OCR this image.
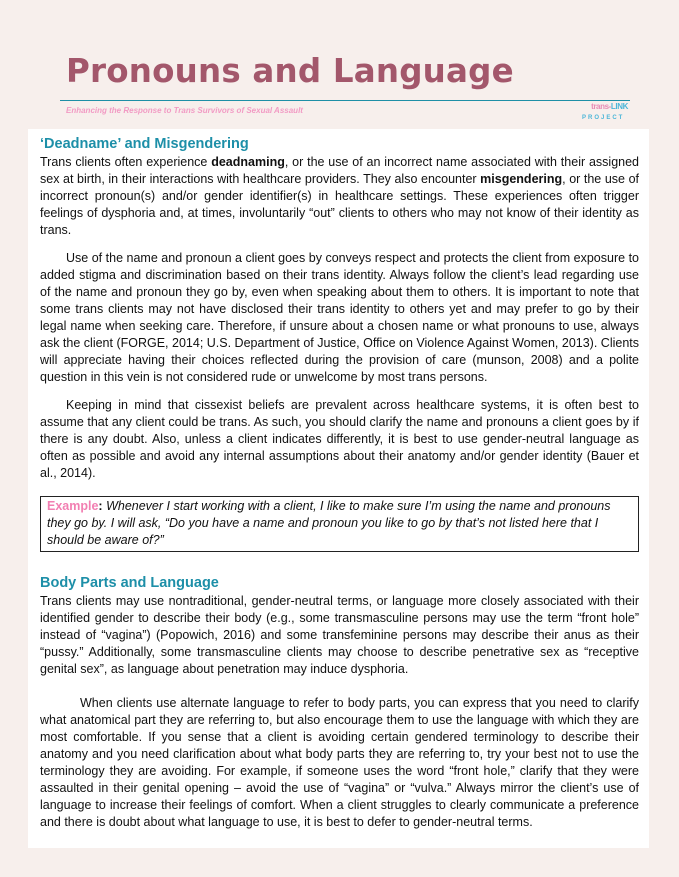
Pronouns and Language
Enhancing the Response to Trans Survivors of Sexual Assault	trans-LINK
PROJECT
‘Deadname’ and Misgendering

Trans clients often experience deadnaming, or the use of an incorrect name associated with their assigned sex at birth, in their interactions with healthcare providers. They also encounter misgendering, or the use of incorrect pronoun(s) and/or gender identifier(s) in healthcare settings. These experiences often trigger feelings of dysphoria and, at times, involuntarily “out” clients to others who may not know of their identity as trans.

Use of the name and pronoun a client goes by conveys respect and protects the client from exposure to added stigma and discrimination based on their trans identity. Always follow the client’s lead regarding use of the name and pronoun they go by, even when speaking about them to others. It is important to note that some trans clients may not have disclosed their trans identity to others yet and may prefer to go by their legal name when seeking care. Therefore, if unsure about a chosen name or what pronouns to use, always ask the client (FORGE, 2014; U.S. Department of Justice, Office on Violence Against Women, 2013). Clients will appreciate having their choices reflected during the provision of care (munson, 2008) and a polite question in this vein is not considered rude or unwelcome by most trans persons.

Keeping in mind that cissexist beliefs are prevalent across healthcare systems, it is often best to assume that any client could be trans. As such, you should clarify the name and pronouns a client goes by if there is any doubt. Also, unless a client indicates differently, it is best to use gender-neutral language as often as possible and avoid any internal assumptions about their anatomy and/or gender identity (Bauer et al., 2014).

Example: Whenever I start working with a client, I like to make sure I’m using the name and pronouns they go by. I will ask, “Do you have a name and pronoun you like to go by that’s not listed here that I should be aware of?”
Body Parts and Language

Trans clients may use nontraditional, gender-neutral terms, or language more closely associated with their identified gender to describe their body (e.g., some transmasculine persons may use the term “front hole” instead of “vagina”) (Popowich, 2016) and some transfeminine persons may describe their anus as their “pussy.” Additionally, some transmasculine clients may choose to describe penetrative sex as “receptive genital sex”, as language about penetration may induce dysphoria.

When clients use alternate language to refer to body parts, you can express that you need to clarify what anatomical part they are referring to, but also encourage them to use the language with which they are most comfortable. If you sense that a client is avoiding certain gendered terminology to describe their anatomy and you need clarification about what body parts they are referring to, try your best not to use the terminology they are avoiding. For example, if someone uses the word “front hole,” clarify that they were assaulted in their genital opening – avoid the use of “vagina” or “vulva.” Always mirror the client’s use of language to increase their feelings of comfort. When a client struggles to clearly communicate a preference and there is doubt about what language to use, it is best to defer to gender-neutral terms.
